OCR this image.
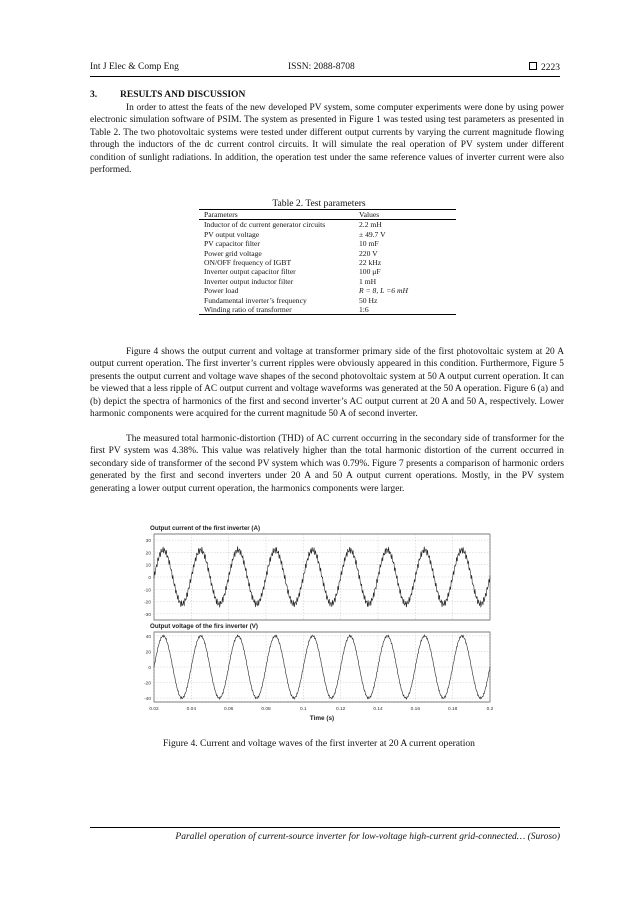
Int J Elec & Comp Eng	ISSN: 2088-8708	2223
3. RESULTS AND DISCUSSION

In order to attest the feats of the new developed PV system, some computer experiments were done by using power electronic simulation software of PSIM. The system as presented in Figure 1 was tested using test parameters as presented in Table 2. The two photovoltaic systems were tested under different output currents by varying the current magnitude flowing through the inductors of the dc current control circuits. It will simulate the real operation of PV system under different condition of sunlight radiations. In addition, the operation test under the same reference values of inverter current were also performed.

Table 2. Test parameters
Parameters	Values
Inductor of dc current generator circuits	2.2 mH
PV output voltage	± 49.7 V
PV capacitor filter	10 mF
Power grid voltage	220 V
ON/OFF frequency of IGBT	22 kHz
Inverter output capacitor filter	100 μF
Inverter output inductor filter	1 mH
Power load	R = 8, L =6 mH
Fundamental inverter’s frequency	50 Hz
Winding ratio of transformer	1:6

Figure 4 shows the output current and voltage at transformer primary side of the first photovoltaic system at 20 A output current operation. The first inverter’s current ripples were obviously appeared in this condition. Furthermore, Figure 5 presents the output current and voltage wave shapes of the second photovoltaic system at 50 A output current operation. It can be viewed that a less ripple of AC output current and voltage waveforms was generated at the 50 A operation. Figure 6 (a) and (b) depict the spectra of harmonics of the first and second inverter’s AC output current at 20 A and 50 A, respectively. Lower harmonic components were acquired for the current magnitude 50 A of second inverter.

The measured total harmonic-distortion (THD) of AC current occurring in the secondary side of transformer for the first PV system was 4.38%. This value was relatively higher than the total harmonic distortion of the current occurred in secondary side of transformer of the second PV system which was 0.79%. Figure 7 presents a comparison of harmonic orders generated by the first and second inverters under 20 A and 50 A output current operations. Mostly, in the PV system generating a lower output current operation, the harmonics components were larger.

Output current of the first inverter (A)
30
20
10
0
-10
-20
-30
Output voltage of the firs inverter (V)
40
20
0
-20
-40
0.02	0.04	0.06	0.08	0.1	0.12	0.14	0.16	0.18	0.2
Time (s)
Figure 4. Current and voltage waves of the first inverter at 20 A current operation
Parallel operation of current-source inverter for low-voltage high-current grid-connected… (Suroso)
